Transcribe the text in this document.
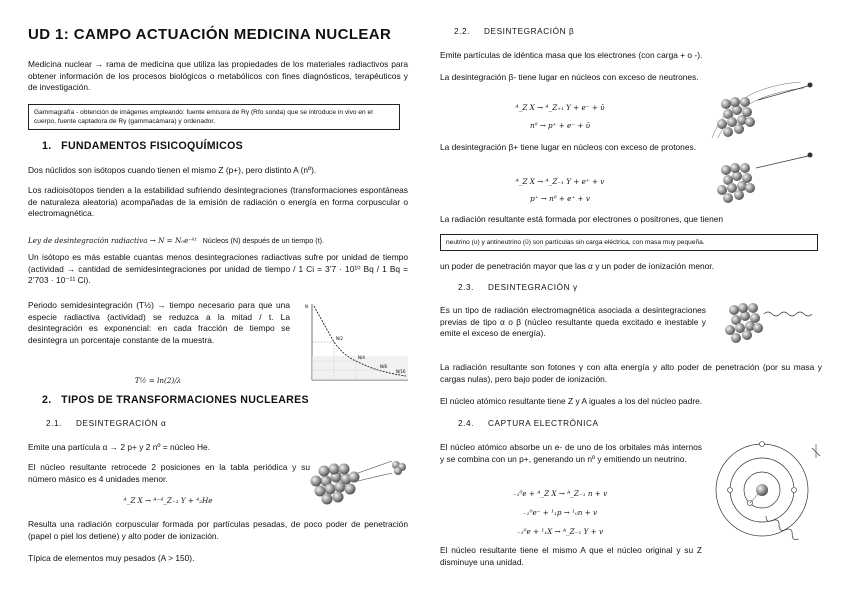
UD 1: CAMPO ACTUACIÓN MEDICINA NUCLEAR

Medicina nuclear → rama de medicina que utiliza las propiedades de los materiales radiactivos para obtener información de los procesos biológicos o metabólicos con fines diagnósticos, terapéuticos y de investigación.

Gammagrafía - obtención de imágenes empleando: fuente emisora de Rγ (Rfo sonda) que se introduce in vivo en el cuerpo, fuente captadora de Rγ (gammacámara) y ordenador.
1. FUNDAMENTOS FISICOQUÍMICOS

Dos núclidos son isótopos cuando tienen el mismo Z (p+), pero distinto A (nº).

Los radioisótopos tienden a la estabilidad sufriendo desintegraciones (transformaciones espontáneas de naturaleza aleatoria) acompañadas de la emisión de radiación o energía en forma corpuscular o electromagnética.

Ley de desintegración radiactiva → N = N₀e⁻ᵏᵗ Núcleos (N) después de un tiempo (t).

Un isótopo es más estable cuantas menos desintegraciones radiactivas sufre por unidad de tiempo (actividad → cantidad de semidesintegraciones por unidad de tiempo / 1 Ci = 3’7 · 10¹⁰ Bq / 1 Bq = 2’703 · 10⁻¹¹ Ci).

Periodo semidesintegración (T½) → tiempo necesario para que una especie radiactiva (actividad) se reduzca a la mitad / t. La desintegración es exponencial: en cada fracción de tiempo se desintegra un porcentaje constante de la muestra.

T½ = ln(2)/λ
N
N/2
N/4
N/8
N/16
2. TIPOS DE TRANSFORMACIONES NUCLEARES
2.1. DESINTEGRACIÓN α

Emite una partícula α → 2 p+ y 2 nº = núcleo He.

El núcleo resultante retrocede 2 posiciones en la tabla periódica y su número másico es 4 unidades menor.

ᴬ_Z X → ᴬ⁻⁴_Z₋₂ Y + ⁴₂He

Resulta una radiación corpuscular formada por partículas pesadas, de poco poder de penetración (papel o piel los detiene) y alto poder de ionización.

Típica de elementos muy pesados (A > 150).

2.2. DESINTEGRACIÓN β

Emite partículas de idéntica masa que los electrones (con carga + o -).

La desintegración β- tiene lugar en núcleos con exceso de neutrones.

ᴬ_Z X → ᴬ_Z₊₁ Y + e⁻ + ῡ
n⁰ → p⁺ + e⁻ + ῡ

La desintegración β+ tiene lugar en núcleos con exceso de protones.

ᴬ_Z X → ᴬ_Z₋₁ Y + e⁺ + v
p⁺ → n⁰ + e⁺ + v

La radiación resultante está formada por electrones o positrones, que tienen

neutrino (υ) y antineutrino (ῡ) son partículas sin carga eléctrica, con masa muy pequeña.

un poder de penetración mayor que las α y un poder de ionización menor.

2.3. DESINTEGRACIÓN γ

Es un tipo de radiación electromagnética asociada a desintegraciones previas de tipo α o β (núcleo resultante queda excitado e inestable y emite el exceso de energía).

La radiación resultante son fotones γ con alta energía y alto poder de penetración (por su masa y cargas nulas), pero bajo poder de ionización.

El núcleo atómico resultante tiene Z y A iguales a los del núcleo padre.

2.4. CAPTURA ELECTRÓNICA

El núcleo atómico absorbe un e- de uno de los orbitales más internos y se combina con un p+, generando un nº y emitiendo un neutrino.

₋₁⁰e + ᴬ_Z X → ᴬ_Z₋₁ n + v
₋₁⁰e⁻ + ¹₁p → ¹₀n + v
₋₁⁰e + ¹₁X → ᴬ_Z₋₁ Y + v

El núcleo resultante tiene el mismo A que el núcleo original y su Z disminuye una unidad.
